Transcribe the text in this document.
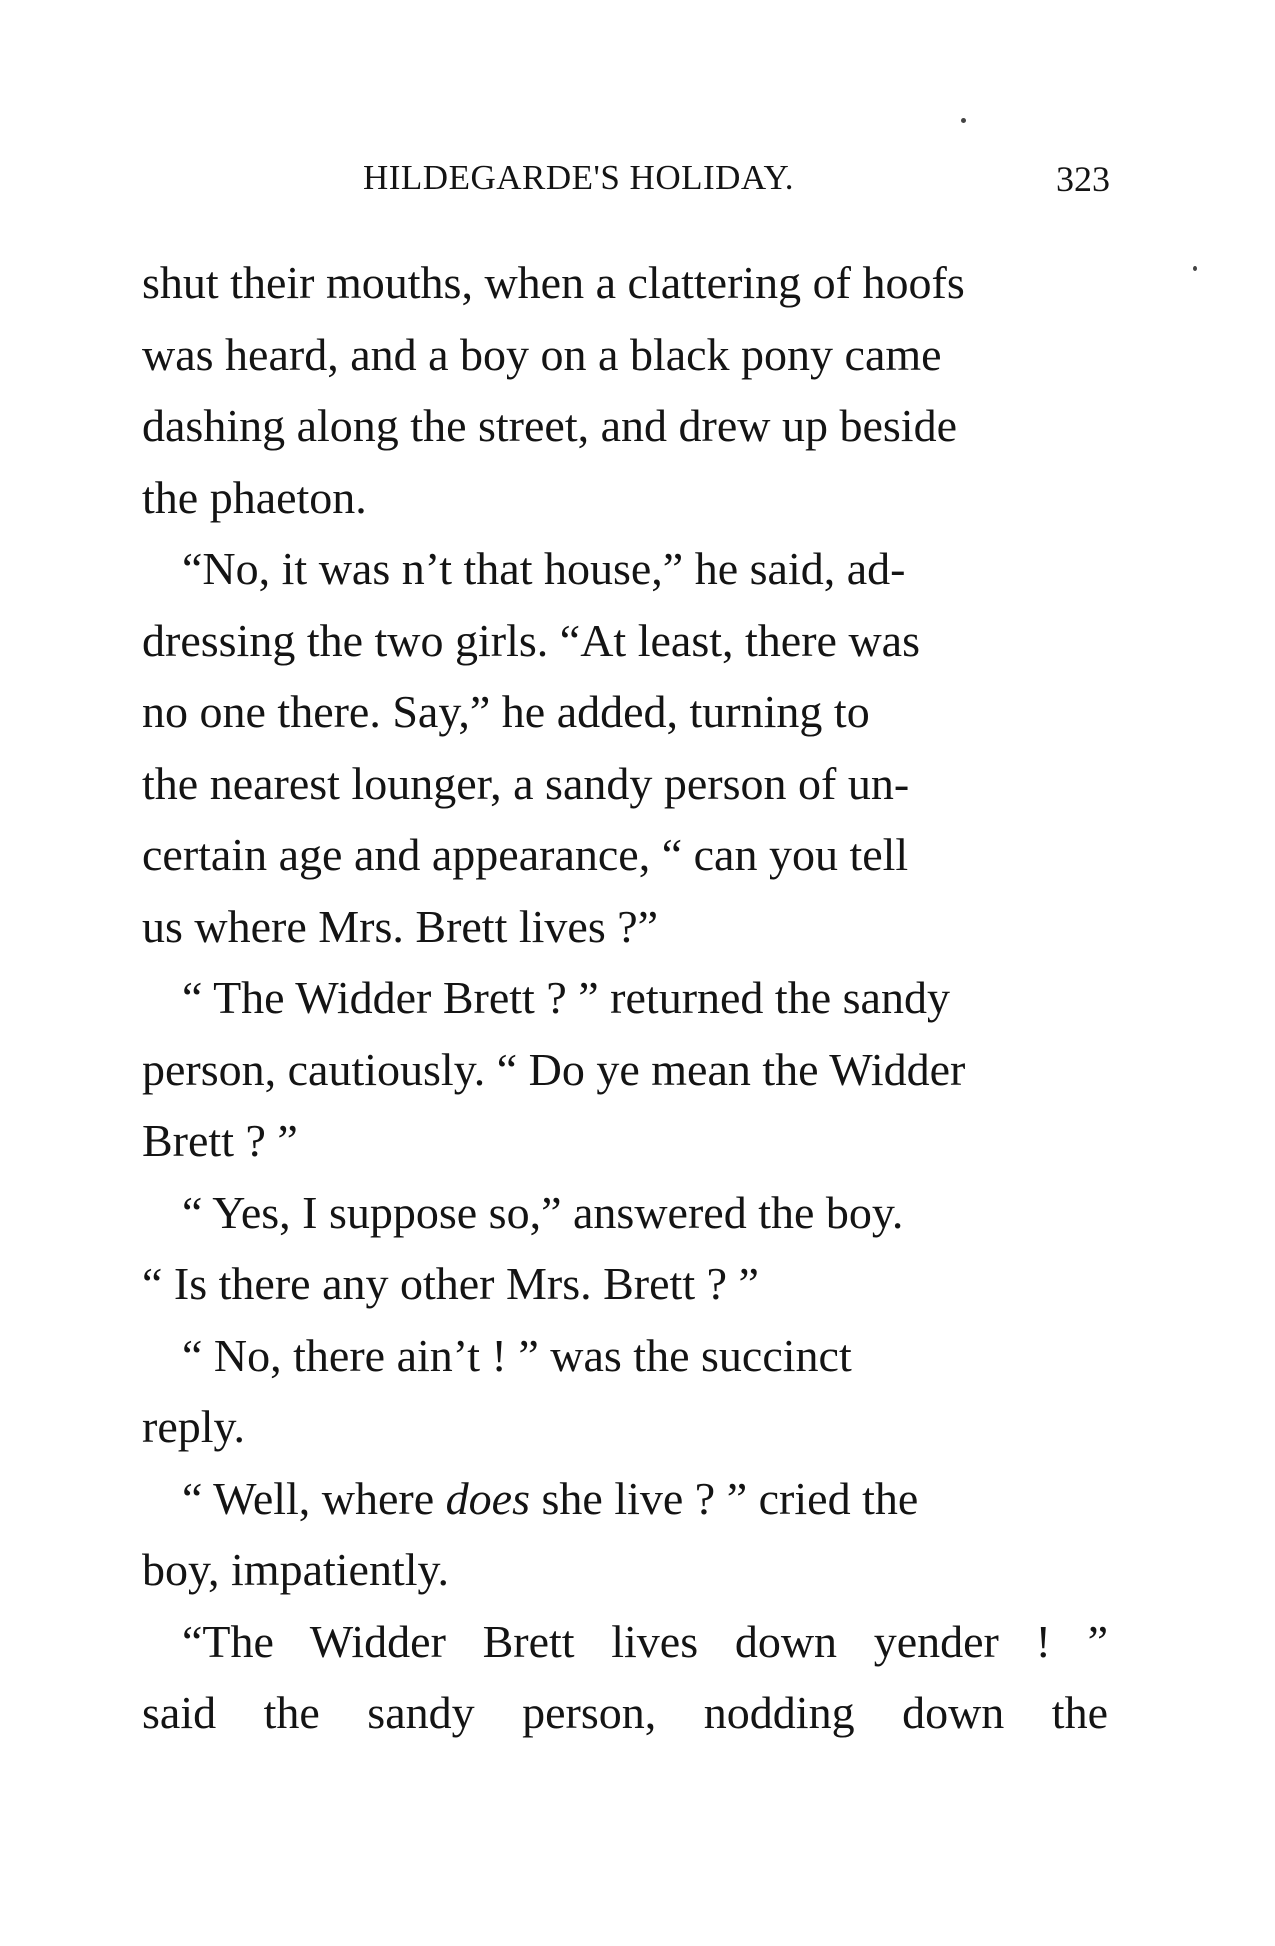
HILDEGARDE'S HOLIDAY.	323

shut their mouths, when a clattering of hoofs
was heard, and a boy on a black pony came
dashing along the street, and drew up beside
the phaeton.

“No, it was n’t that house,” he said, ad-
dressing the two girls. “At least, there was
no one there. Say,” he added, turning to
the nearest lounger, a sandy person of un-
certain age and appearance, “ can you tell
us where Mrs. Brett lives ?”

“ The Widder Brett ? ” returned the sandy
person, cautiously. “ Do ye mean the Widder
Brett ? ”

“ Yes, I suppose so,” answered the boy.
“ Is there any other Mrs. Brett ? ”

“ No, there ain’t ! ” was the succinct
reply.

“ Well, where does she live ? ” cried the
boy, impatiently.

“The Widder Brett lives down yender ! ”
said the sandy person, nodding down the
